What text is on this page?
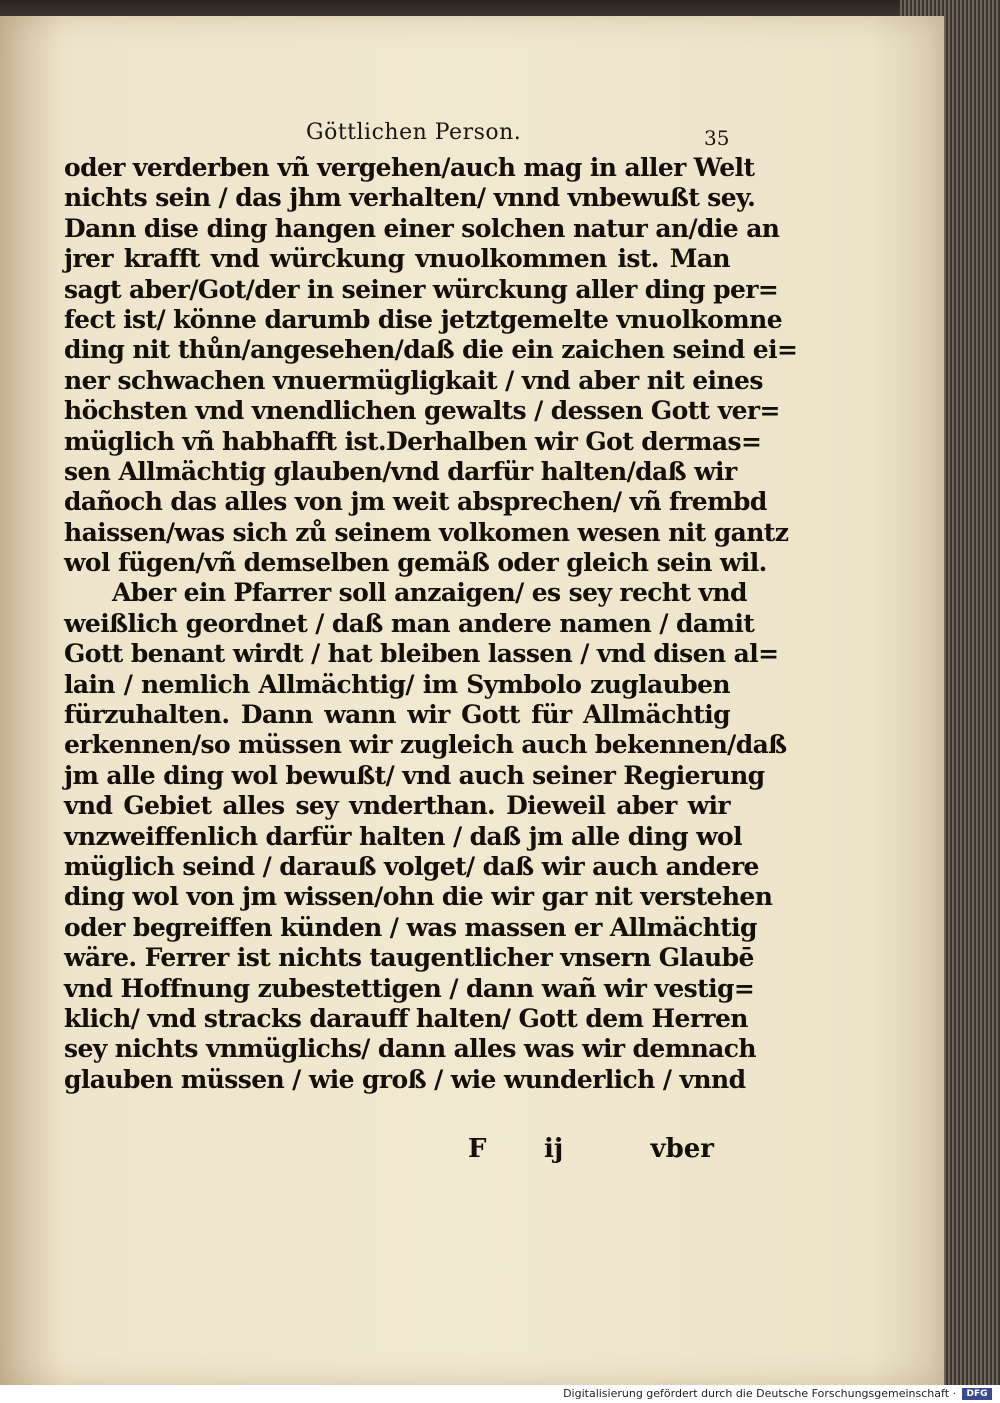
Göttlichen Person.	35
oder verderben vñ vergehen/auch mag in aller Welt
nichts sein / das jhm verhalten/ vnnd vnbewußt sey.
Dann dise ding hangen einer solchen natur an/die an
jrer krafft vnd würckung vnuolkommen ist. Man
sagt aber/Got/der in seiner würckung aller ding per=
fect ist/ könne darumb dise jetztgemelte vnuolkomne
ding nit thůn/angesehen/daß die ein zaichen seind ei=
ner schwachen vnuermügligkait / vnd aber nit eines
höchsten vnd vnendlichen gewalts / dessen Gott ver=
müglich vñ habhafft ist.Derhalben wir Got dermas=
sen Allmächtig glauben/vnd darfür halten/daß wir
dañoch das alles von jm weit absprechen/ vñ frembd
haissen/was sich zů seinem volkomen wesen nit gantz
wol fügen/vñ demselben gemäß oder gleich sein wil.
Aber ein Pfarrer soll anzaigen/ es sey recht vnd
weißlich geordnet / daß man andere namen / damit
Gott benant wirdt / hat bleiben lassen / vnd disen al=
lain / nemlich Allmächtig/ im Symbolo zuglauben
fürzuhalten. Dann wann wir Gott für Allmächtig
erkennen/so müssen wir zugleich auch bekennen/daß
jm alle ding wol bewußt/ vnd auch seiner Regierung
vnd Gebiet alles sey vnderthan. Dieweil aber wir
vnzweiffenlich darfür halten / daß jm alle ding wol
müglich seind / darauß volget/ daß wir auch andere
ding wol von jm wissen/ohn die wir gar nit verstehen
oder begreiffen künden / was massen er Allmächtig
wäre. Ferrer ist nichts taugentlicher vnsern Glaubē
vnd Hoffnung zubestettigen / dann wañ wir vestig=
klich/ vnd stracks darauff halten/ Gott dem Herren
sey nichts vnmüglichs/ dann alles was wir demnach
glauben müssen / wie groß / wie wunderlich / vnnd
F ij	vber
Digitalisierung gefördert durch die Deutsche Forschungsgemeinschaft ·	DFG
